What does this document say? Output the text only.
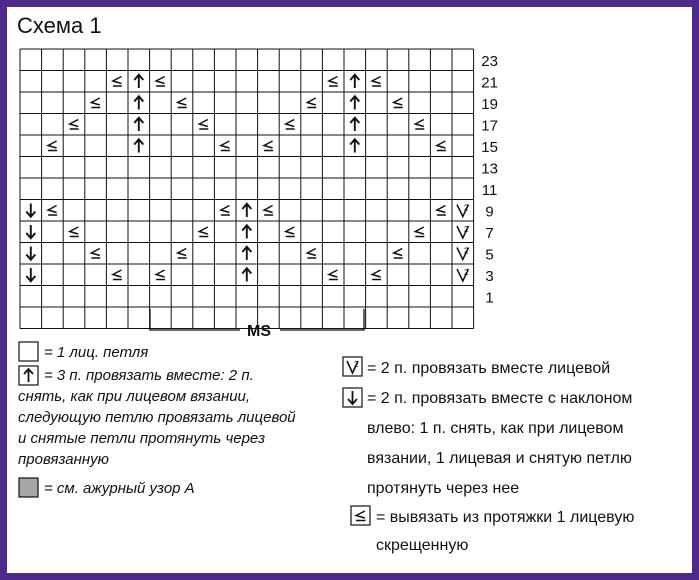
Схема 1
2
2
2
2
23
21
19
17
15
13
11
9
7
5
3
1
MS
= 1 лиц. петля
= 3 п. провязать вместе: 2 п.
снять, как при лицевом вязании,
следующую петлю провязать лицевой
и снятые петли протянуть через
провязанную
= см. ажурный узор А
2 = 2 п. провязать вместе лицевой
= 2 п. провязать вместе с наклоном
влево: 1 п. снять, как при лицевом
вязании, 1 лицевая и снятую петлю
протянуть через нее
= вывязать из протяжки 1 лицевую
скрещенную
